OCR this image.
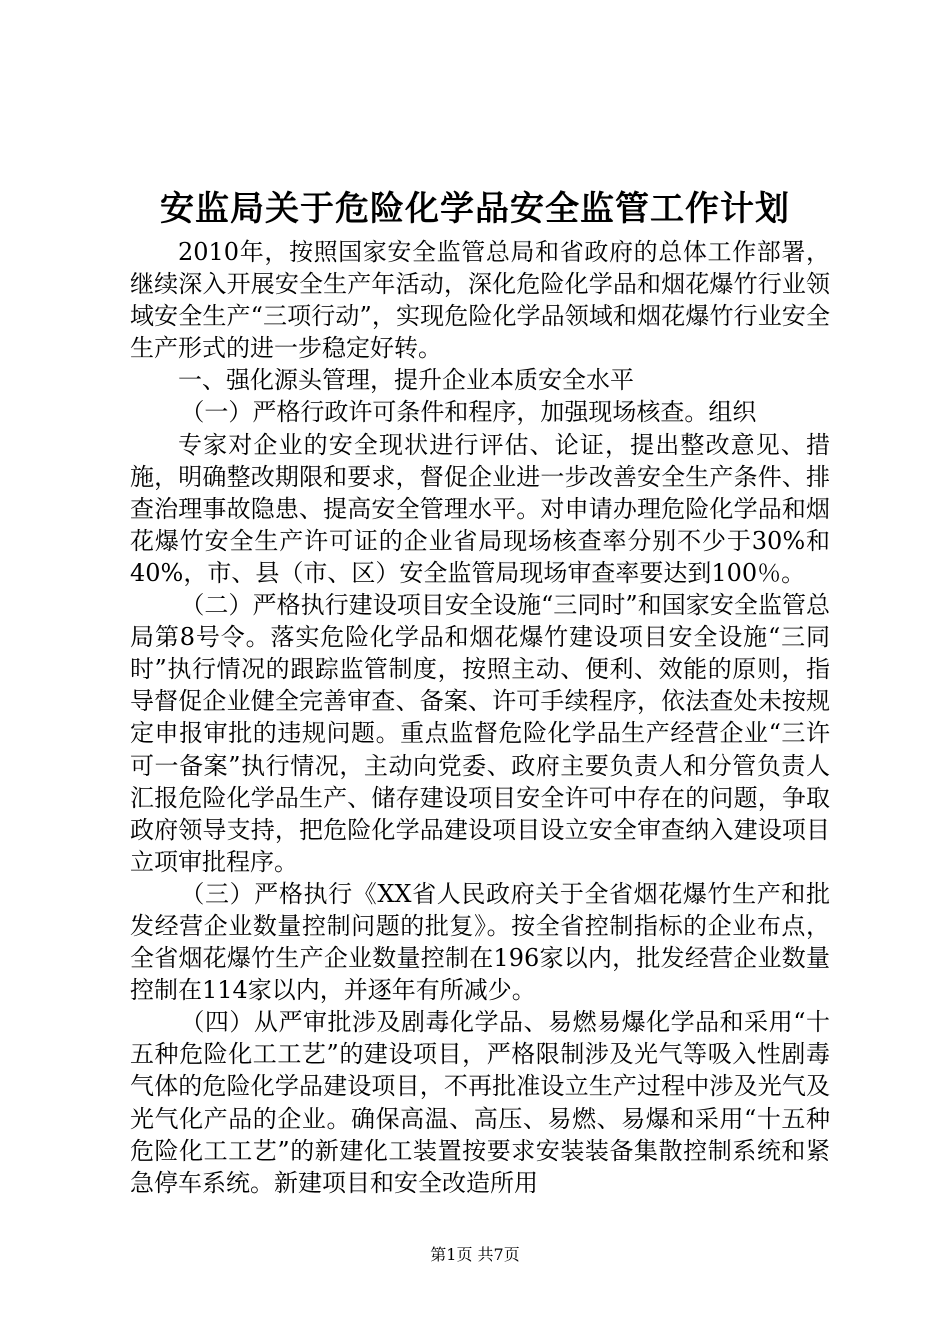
安监局关于危险化学品安全监管工作计划

2010年，按照国家安全监管总局和省政府的总体工作部署，继续深入开展安全生产年活动，深化危险化学品和烟花爆竹行业领域安全生产“三项行动”，实现危险化学品领域和烟花爆竹行业安全生产形式的进一步稳定好转。

一、强化源头管理，提升企业本质安全水平

（一）严格行政许可条件和程序，加强现场核查。组织

专家对企业的安全现状进行评估、论证，提出整改意见、措施，明确整改期限和要求，督促企业进一步改善安全生产条件、排查治理事故隐患、提高安全管理水平。对申请办理危险化学品和烟花爆竹安全生产许可证的企业省局现场核查率分别不少于30%和40%，市、县（市、区）安全监管局现场审查率要达到100％。

（二）严格执行建设项目安全设施“三同时”和国家安全监管总局第8号令。落实危险化学品和烟花爆竹建设项目安全设施“三同时”执行情况的跟踪监管制度，按照主动、便利、效能的原则，指导督促企业健全完善审查、备案、许可手续程序，依法查处未按规定申报审批的违规问题。重点监督危险化学品生产经营企业“三许可一备案”执行情况，主动向党委、政府主要负责人和分管负责人汇报危险化学品生产、储存建设项目安全许可中存在的问题，争取政府领导支持，把危险化学品建设项目设立安全审查纳入建设项目立项审批程序。

（三）严格执行《XX省人民政府关于全省烟花爆竹生产和批发经营企业数量控制问题的批复》。按全省控制指标的企业布点，全省烟花爆竹生产企业数量控制在196家以内，批发经营企业数量控制在114家以内，并逐年有所减少。

（四）从严审批涉及剧毒化学品、易燃易爆化学品和采用“十五种危险化工工艺”的建设项目，严格限制涉及光气等吸入性剧毒气体的危险化学品建设项目，不再批准设立生产过程中涉及光气及光气化产品的企业。确保高温、高压、易燃、易爆和采用“十五种危险化工工艺”的新建化工装置按要求安装装备集散控制系统和紧急停车系统。新建项目和安全改造所用

第1页 共7页
